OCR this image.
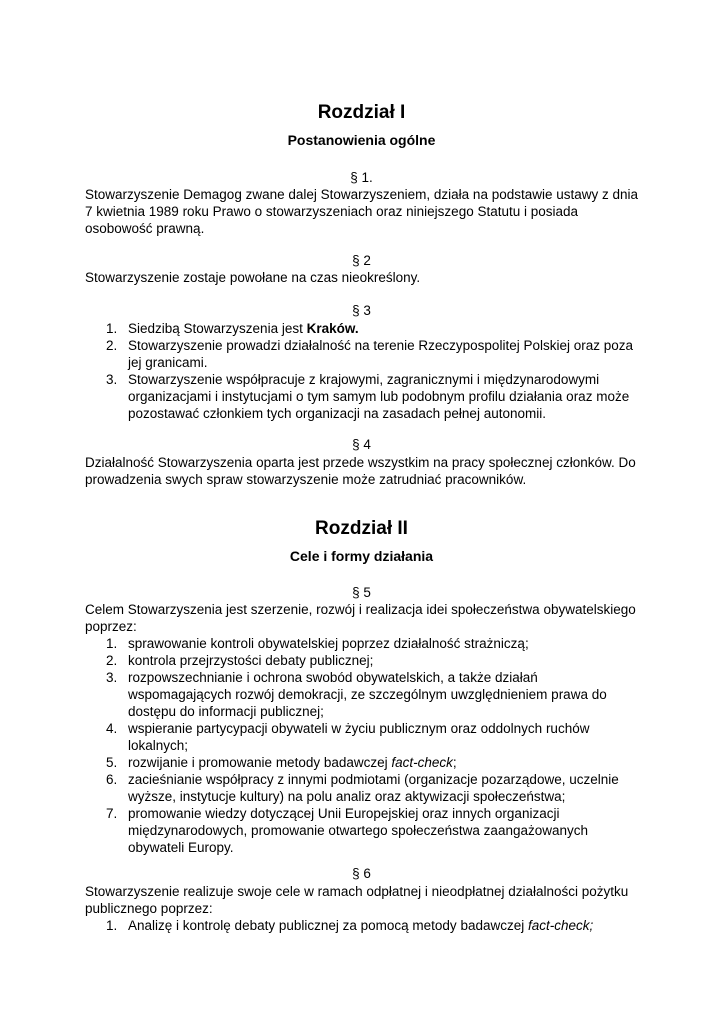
Rozdział I
Postanowienia ogólne
§ 1.
Stowarzyszenie Demagog zwane dalej Stowarzyszeniem, działa na podstawie ustawy z dnia 7 kwietnia 1989 roku Prawo o stowarzyszeniach oraz niniejszego Statutu i posiada osobowość prawną.
§ 2
Stowarzyszenie zostaje powołane na czas nieokreślony.
§ 3
1. Siedzibą Stowarzyszenia jest Kraków.
2. Stowarzyszenie prowadzi działalność na terenie Rzeczypospolitej Polskiej oraz poza jej granicami.
3. Stowarzyszenie współpracuje z krajowymi, zagranicznymi i międzynarodowymi organizacjami i instytucjami o tym samym lub podobnym profilu działania oraz może pozostawać członkiem tych organizacji na zasadach pełnej autonomii.
§ 4
Działalność Stowarzyszenia oparta jest przede wszystkim na pracy społecznej członków. Do prowadzenia swych spraw stowarzyszenie może zatrudniać pracowników.
Rozdział II
Cele i formy działania
§ 5
Celem Stowarzyszenia jest szerzenie, rozwój i realizacja idei społeczeństwa obywatelskiego poprzez:
1. sprawowanie kontroli obywatelskiej poprzez działalność strażniczą;
2. kontrola przejrzystości debaty publicznej;
3. rozpowszechnianie i ochrona swobód obywatelskich, a także działań wspomagających rozwój demokracji, ze szczególnym uwzględnieniem prawa do dostępu do informacji publicznej;
4. wspieranie partycypacji obywateli w życiu publicznym oraz oddolnych ruchów lokalnych;
5. rozwijanie i promowanie metody badawczej fact-check;
6. zacieśnianie współpracy z innymi podmiotami (organizacje pozarządowe, uczelnie wyższe, instytucje kultury) na polu analiz oraz aktywizacji społeczeństwa;
7. promowanie wiedzy dotyczącej Unii Europejskiej oraz innych organizacji międzynarodowych, promowanie otwartego społeczeństwa zaangażowanych obywateli Europy.
§ 6
Stowarzyszenie realizuje swoje cele w ramach odpłatnej i nieodpłatnej działalności pożytku publicznego poprzez:
1. Analizę i kontrolę debaty publicznej za pomocą metody badawczej fact-check;
